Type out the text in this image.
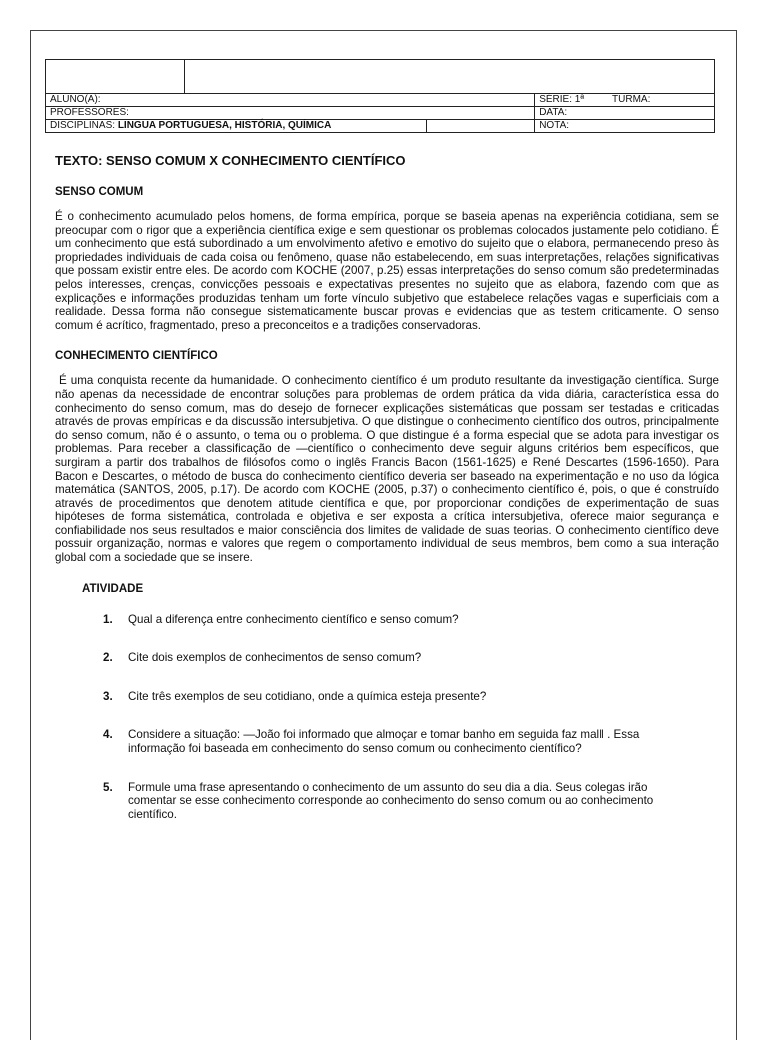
ALUNO(A):			SÉRIE: 1ª TURMA:
PROFESSORES:			DATA:
DISCIPLINAS: LINGUA PORTUGUESA, HISTÓRIA, QUÍMICA			NOTA:
TEXTO: SENSO COMUM X CONHECIMENTO CIENTÍFICO
SENSO COMUM

É o conhecimento acumulado pelos homens, de forma empírica, porque se baseia apenas na experiência cotidiana, sem se preocupar com o rigor que a experiência científica exige e sem questionar os problemas colocados justamente pelo cotidiano. É um conhecimento que está subordinado a um envolvimento afetivo e emotivo do sujeito que o elabora, permanecendo preso às propriedades individuais de cada coisa ou fenômeno, quase não estabelecendo, em suas interpretações, relações significativas que possam existir entre eles. De acordo com KOCHE (2007, p.25) essas interpretações do senso comum são predeterminadas pelos interesses, crenças, convicções pessoais e expectativas presentes no sujeito que as elabora, fazendo com que as explicações e informações produzidas tenham um forte vínculo subjetivo que estabelece relações vagas e superficiais com a realidade. Dessa forma não consegue sistematicamente buscar provas e evidencias que as testem criticamente. O senso comum é acrítico, fragmentado, preso a preconceitos e a tradições conservadoras.

CONHECIMENTO CIENTÍFICO

É uma conquista recente da humanidade. O conhecimento científico é um produto resultante da investigação científica. Surge não apenas da necessidade de encontrar soluções para problemas de ordem prática da vida diária, característica essa do conhecimento do senso comum, mas do desejo de fornecer explicações sistemáticas que possam ser testadas e criticadas através de provas empíricas e da discussão intersubjetiva. O que distingue o conhecimento científico dos outros, principalmente do senso comum, não é o assunto, o tema ou o problema. O que distingue é a forma especial que se adota para investigar os problemas. Para receber a classificação de ―científico o conhecimento deve seguir alguns critérios bem específicos, que surgiram a partir dos trabalhos de filósofos como o inglês Francis Bacon (1561-1625) e René Descartes (1596-1650). Para Bacon e Descartes, o método de busca do conhecimento científico deveria ser baseado na experimentação e no uso da lógica matemática (SANTOS, 2005, p.17). De acordo com KOCHE (2005, p.37) o conhecimento científico é, pois, o que é construído através de procedimentos que denotem atitude científica e que, por proporcionar condições de experimentação de suas hipóteses de forma sistemática, controlada e objetiva e ser exposta a crítica intersubjetiva, oferece maior segurança e confiabilidade nos seus resultados e maior consciência dos limites de validade de suas teorias. O conhecimento científico deve possuir organização, normas e valores que regem o comportamento individual de seus membros, bem como a sua interação global com a sociedade que se insere.

ATIVIDADE
1.	Qual a diferença entre conhecimento científico e senso comum?
2.	Cite dois exemplos de conhecimentos de senso comum?
3.	Cite três exemplos de seu cotidiano, onde a química esteja presente?
4.	Considere a situação: ―João foi informado que almoçar e tomar banho em seguida faz mal‖ . Essa informação foi baseada em conhecimento do senso comum ou conhecimento científico?
5.	Formule uma frase apresentando o conhecimento de um assunto do seu dia a dia. Seus colegas irão comentar se esse conhecimento corresponde ao conhecimento do senso comum ou ao conhecimento científico.
